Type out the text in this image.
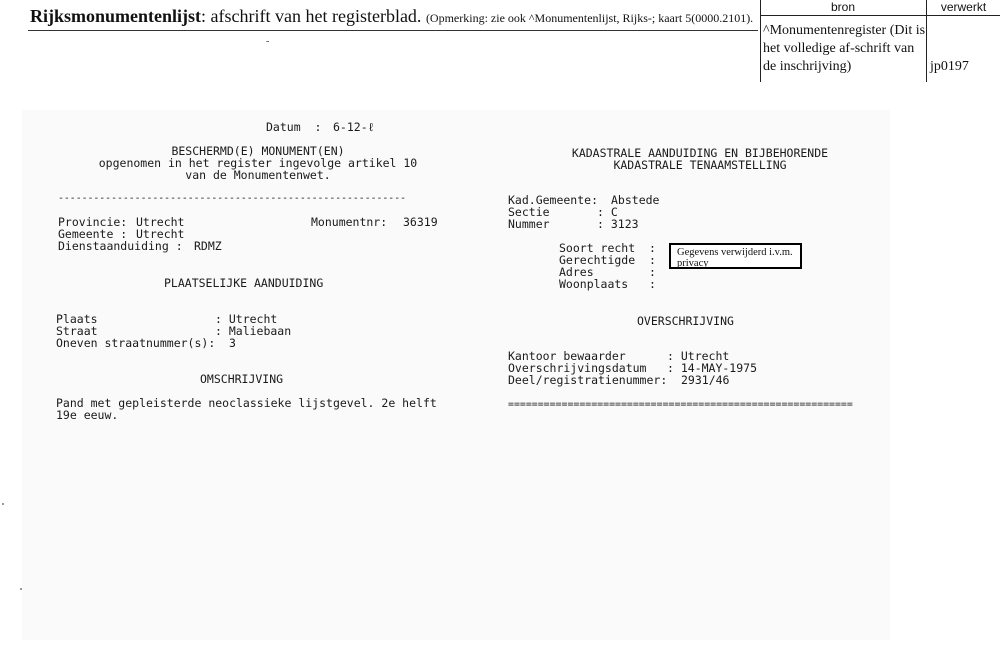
Rijksmonumentenlijst: afschrift van het registerblad. (Opmerking: zie ook ^Monumentenlijst, Rijks-; kaart 5(0000.2101).
-
bron	verwerkt
^Monumentenregister (Dit is het volledige af-schrift van de inschrijving)	jp0197
Datum  : 6-12-ℓ
BESCHERMD(E) MONUMENT(EN)
opgenomen in het register ingevolge artikel 10
van de Monumentenwet.
-----------------------------------------------------------
Provincie: Utrecht	Monumentnr: 36319
Gemeente : Utrecht
Dienstaanduiding : RDMZ
PLAATSELIJKE AANDUIDING
Plaats	: Utrecht
Straat	: Maliebaan
Oneven straatnummer(s): 3
OMSCHRIJVING
Pand met gepleisterde neoclassieke lijstgevel. 2e helft
19e eeuw.
KADASTRALE AANDUIDING EN BIJBEHORENDE
KADASTRALE TENAAMSTELLING
Kad.Gemeente: Abstede
Sectie	: C
Nummer	: 3123
Soort recht  :
Gerechtigde  :
Adres        :
Woonplaats   :
Gegevens verwijderd i.v.m. privacy
OVERSCHRIJVING
Kantoor bewaarder	: Utrecht
Overschrijvingsdatum : 14-MAY-1975
Deel/registratienummer: 2931/46
==========================================================
